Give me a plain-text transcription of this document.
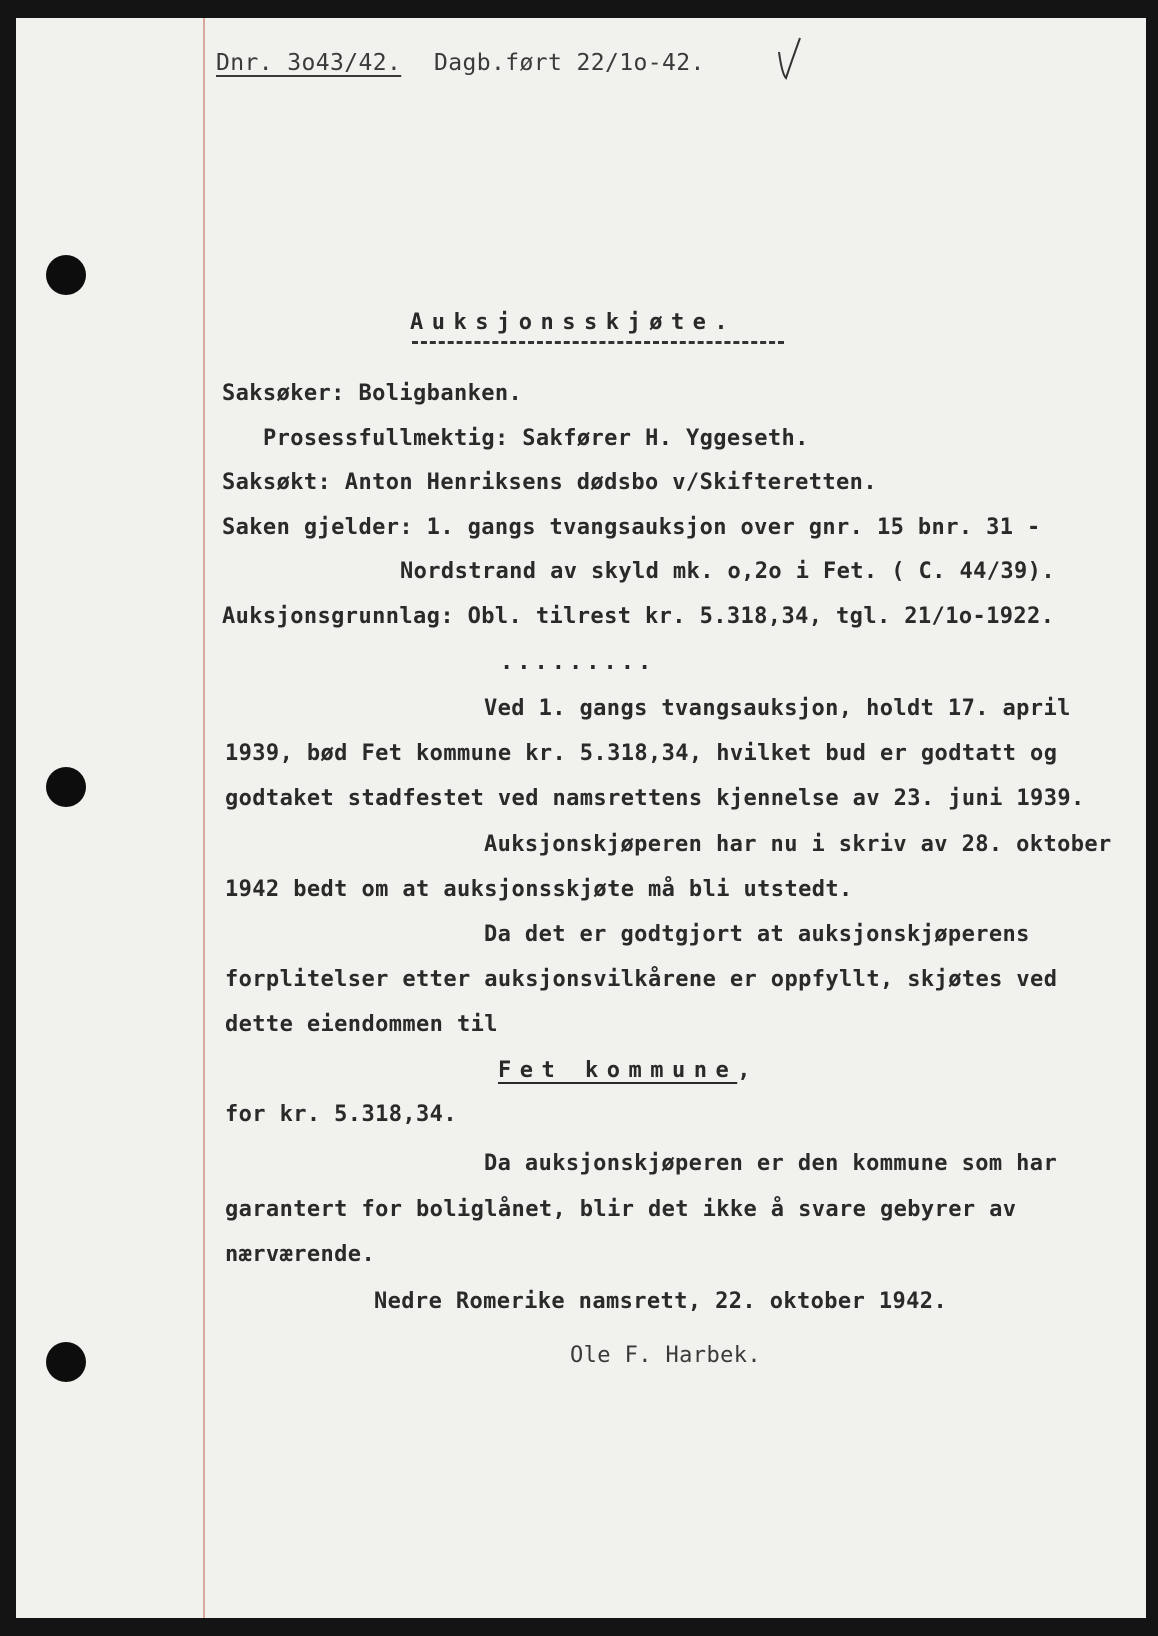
Dnr. 3o43/42. Dagb.ført 22/1o-42.
Auksjonsskjøte.
Saksøker: Boligbanken.
Prosessfullmektig: Sakfører H. Yggeseth.
Saksøkt: Anton Henriksens dødsbo v/Skifteretten.
Saken gjelder: 1. gangs tvangsauksjon over gnr. 15 bnr. 31 -
Nordstrand av skyld mk. o,2o i Fet. ( C. 44/39).
Auksjonsgrunnlag: Obl. tilrest kr. 5.318,34, tgl. 21/1o-1922.
.........
Ved 1. gangs tvangsauksjon, holdt 17. april
1939, bød Fet kommune kr. 5.318,34, hvilket bud er godtatt og
godtaket stadfestet ved namsrettens kjennelse av 23. juni 1939.
Auksjonskjøperen har nu i skriv av 28. oktober
1942 bedt om at auksjonsskjøte må bli utstedt.
Da det er godtgjort at auksjonskjøperens
forplitelser etter auksjonsvilkårene er oppfyllt, skjøtes ved
dette eiendommen til
Fet kommune,
for kr. 5.318,34.
Da auksjonskjøperen er den kommune som har
garantert for boliglånet, blir det ikke å svare gebyrer av
nærværende.
Nedre Romerike namsrett, 22. oktober 1942.
Ole F. Harbek.
